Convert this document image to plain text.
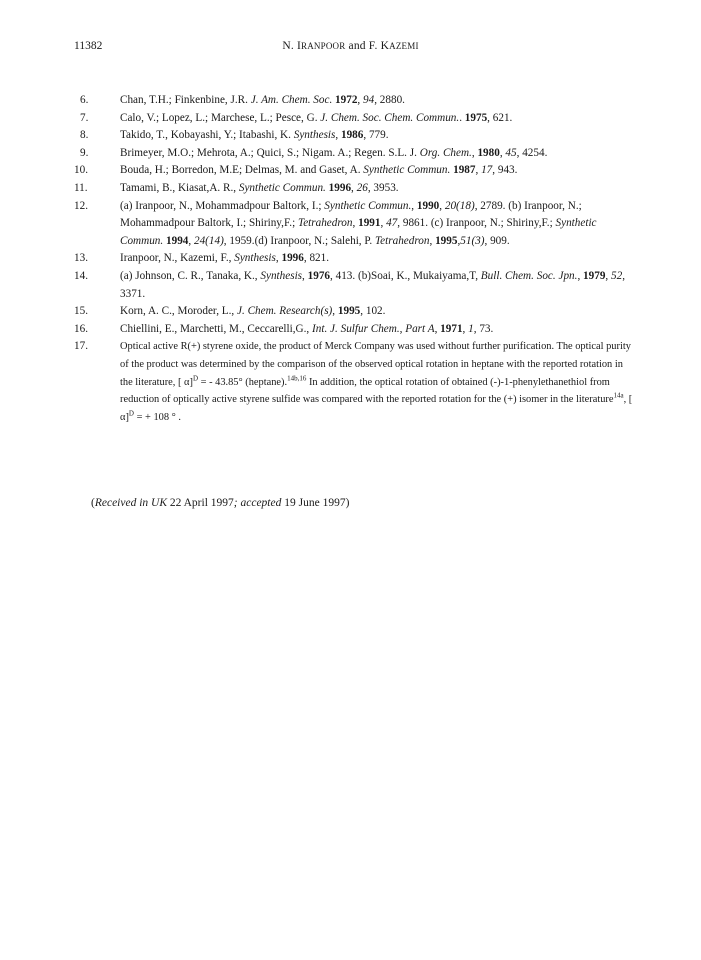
11382	N. IRANPOOR and F. KAZEMI
6.	Chan, T.H.; Finkenbine, J.R. J. Am. Chem. Soc. 1972, 94, 2880.
7.	Calo, V.; Lopez, L.; Marchese, L.; Pesce, G. J. Chem. Soc. Chem. Commun.. 1975, 621.
8.	Takido, T., Kobayashi, Y.; Itabashi, K. Synthesis, 1986, 779.
9.	Brimeyer, M.O.; Mehrota, A.; Quici, S.; Nigam. A.; Regen. S.L. J. Org. Chem., 1980, 45, 4254.
10.	Bouda, H.; Borredon, M.E; Delmas, M. and Gaset, A. Synthetic Commun. 1987, 17, 943.
11.	Tamami, B., Kiasat,A. R., Synthetic Commun. 1996, 26, 3953.
12.	(a) Iranpoor, N., Mohammadpour Baltork, I.; Synthetic Commun., 1990, 20(18), 2789. (b) Iranpoor, N.; Mohammadpour Baltork, I.; Shiriny,F.; Tetrahedron, 1991, 47, 9861. (c) Iranpoor, N.; Shiriny,F.; Synthetic Commun. 1994, 24(14), 1959.(d) Iranpoor, N.; Salehi, P. Tetrahedron, 1995,51(3), 909.
13.	Iranpoor, N., Kazemi, F., Synthesis, 1996, 821.
14.	(a) Johnson, C. R., Tanaka, K., Synthesis, 1976, 413. (b)Soai, K., Mukaiyama,T, Bull. Chem. Soc. Jpn., 1979, 52, 3371.
15.	Korn, A. C., Moroder, L., J. Chem. Research(s), 1995, 102.
16.	Chiellini, E., Marchetti, M., Ceccarelli,G., Int. J. Sulfur Chem., Part A, 1971, 1, 73.
17.	Optical active R(+) styrene oxide, the product of Merck Company was used without further purification. The optical purity of the product was determined by the comparison of the observed optical rotation in heptane with the reported rotation in the literature, [ α]$^D$ = - 43.85° (heptane).$^{14b,16}$ In addition, the optical rotation of obtained (-)-1-phenylethanethiol from reduction of optically active styrene sulfide was compared with the reported rotation for the (+) isomer in the literature$^{14a}$, [ α]$^D$ = + 108 ° .
(Received in UK 22 April 1997; accepted 19 June 1997)
